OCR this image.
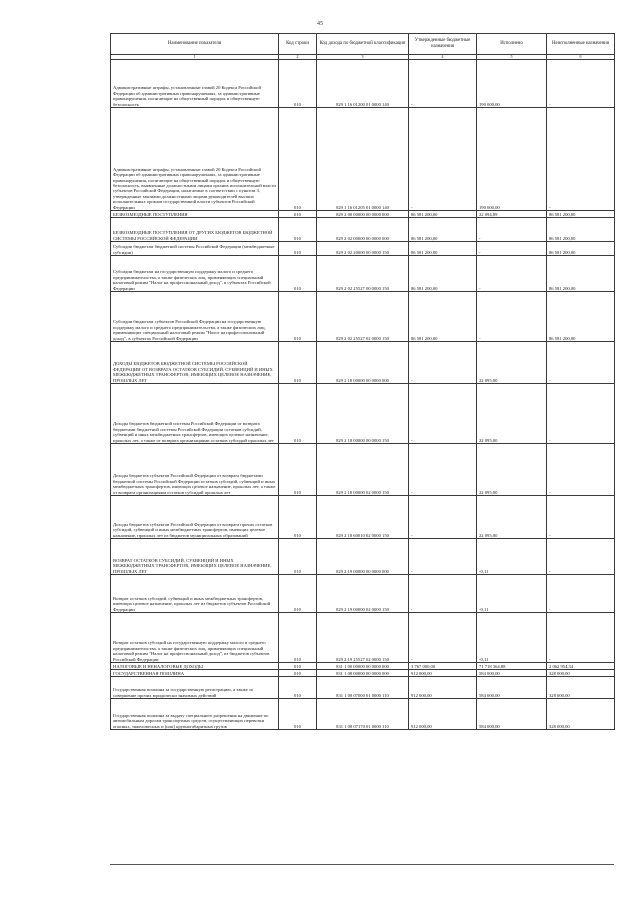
45
Наименование показателя	Код строки	Код дохода по бюджетной классификации	Утвержденные бюджетные назначения	Исполнено	Неисполненные назначения
1	2	3	4	5	6
Административные штрафы, установленные главой 20 Кодекса Российской Федерации об административных правонарушениях, за административные правонарушения, посягающие на общественный порядок и общественную безопасность	010	829 1 16 01200 01 0000 140	-	190 000,00	-
Административные штрафы, установленные главой 20 Кодекса Российской Федерации об административных правонарушениях, за административные правонарушения, посягающие на общественный порядок и общественную безопасность, выявленные должностными лицами органов исполнительной власти субъектов Российской Федерации, налагаемые в соответствии с пунктом 3, утвержденные законами должностными лицами руководителей высших исполнительных органов государственной власти субъектов Российской Федерации	010	829 1 16 01205 01 0000 140	-	190 000,00	-
БЕЗВОЗМЕЗДНЫЕ ПОСТУПЛЕНИЯ	010	829 2 00 00000 00 0000 000	86 581 200,00	22 094,89	86 581 200,00
БЕЗВОЗМЕЗДНЫЕ ПОСТУПЛЕНИЯ ОТ ДРУГИХ БЮДЖЕТОВ БЮДЖЕТНОЙ СИСТЕМЫ РОССИЙСКОЙ ФЕДЕРАЦИИ	010	829 2 02 00000 00 0000 000	86 581 200,00	-	86 581 200,00
Субсидии бюджетам бюджетной системы Российской Федерации (межбюджетные субсидии)	010	829 2 02 20000 00 0000 150	86 581 200,00	-	86 581 200,00
Субсидии бюджетам на государственную поддержку малого и среднего предпринимательства, а также физических лиц, применяющих специальный налоговый режим "Налог на профессиональный доход", в субъектах Российской Федерации	010	829 2 02 25527 00 0000 150	86 581 200,00	-	86 581 200,00
Субсидии бюджетам субъектов Российской Федерации на государственную поддержку малого и среднего предпринимательства, а также физических лиц, применяющих специальный налоговый режим "Налог на профессиональный доход", в субъектах Российской Федерации	010	829 2 02 25527 02 0000 150	86 581 200,00	-	86 581 200,00
ДОХОДЫ БЮДЖЕТОВ БЮДЖЕТНОЙ СИСТЕМЫ РОССИЙСКОЙ ФЕДЕРАЦИИ ОТ ВОЗВРАТА ОСТАТКОВ СУБСИДИЙ, СУБВЕНЦИЙ И ИНЫХ МЕЖБЮДЖЕТНЫХ ТРАНСФЕРТОВ, ИМЕЮЩИХ ЦЕЛЕВОЕ НАЗНАЧЕНИЕ, ПРОШЛЫХ ЛЕТ	010	829 2 18 00000 00 0000 000	-	22 095,00	-
Доходы бюджетов бюджетной системы Российской Федерации от возврата бюджетами бюджетной системы Российской Федерации остатков субсидий, субвенций и иных межбюджетных трансфертов, имеющих целевое назначение, прошлых лет, а также от возврата организациями остатков субсидий прошлых лет	010	829 2 18 00000 00 0000 150	-	22 095,00	-
Доходы бюджетов субъектов Российской Федерации от возврата бюджетами бюджетной системы Российской Федерации остатков субсидий, субвенций и иных межбюджетных трансфертов, имеющих целевое назначение, прошлых лет, а также от возврата организациями остатков субсидий прошлых лет	010	829 2 18 00000 02 0000 150	-	22 095,00	-
Доходы бюджетов субъектов Российской Федерации от возврата прочих остатков субсидий, субвенций и иных межбюджетных трансфертов, имеющих целевое назначение, прошлых лет из бюджетов муниципальных образований	010	829 2 18 60010 02 0000 150	-	22 095,00	-
ВОЗВРАТ ОСТАТКОВ СУБСИДИЙ, СУБВЕНЦИЙ И ИНЫХ МЕЖБЮДЖЕТНЫХ ТРАНСФЕРТОВ, ИМЕЮЩИХ ЦЕЛЕВОЕ НАЗНАЧЕНИЕ, ПРОШЛЫХ ЛЕТ	010	829 2 19 00000 00 0000 000	-	-0,11	-
Возврат остатков субсидий, субвенций и иных межбюджетных трансфертов, имеющих целевое назначение, прошлых лет из бюджетов субъектов Российской Федерации	010	829 2 19 00000 02 0000 150	-	-0,11	-
Возврат остатков субсидий на государственную поддержку малого и среднего предпринимательства, а также физических лиц, применяющих специальный налоговый режим "Налог на профессиональный доход", из бюджетов субъектов Российской Федерации	010	829 2 19 25527 02 0000 150	-	-0,11	-
НАЛОГОВЫЕ И НЕНАЛОГОВЫЕ ДОХОДЫ	010	831 1 00 00000 00 0000 000	3 767 000,00	71 718 364,88	2 062 954,34
ГОСУДАРСТВЕННАЯ ПОШЛИНА	010	831 1 08 00000 00 0000 000	912 000,00	584 000,00	328 000,00
Государственная пошлина за государственную регистрацию, а также за совершение прочих юридически значимых действий	010	831 1 08 07000 01 0000 110	912 000,00	584 000,00	328 000,00
Государственная пошлина за выдачу специального разрешения на движение по автомобильным дорогам транспортных средств, осуществляющих перевозки опасных, тяжеловесных и (или) крупногабаритных грузов	010	831 1 08 07170 01 0000 110	912 000,00	584 000,00	328 000,00
